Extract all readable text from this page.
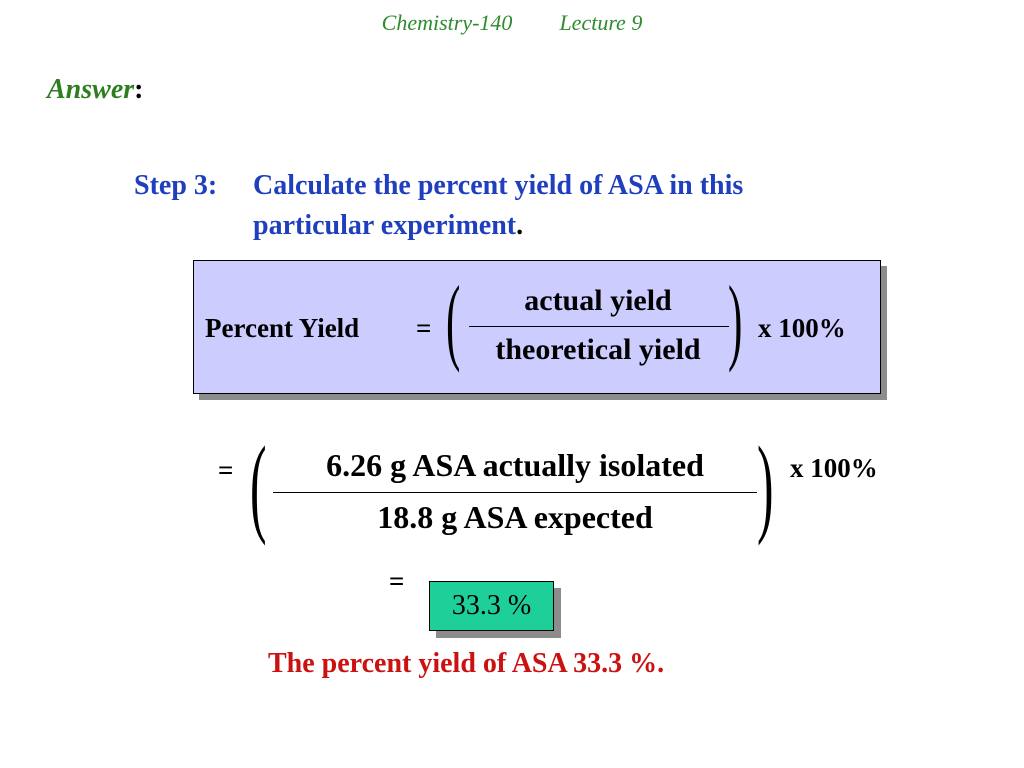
Chemistry-140 Lecture 9
Answer:
Step 3: Calculate the percent yield of ASA in this
particular experiment.
Percent Yield = (	actual yield
theoretical yield ) x 100%
= (	6.26 g ASA actually isolated
18.8 g ASA expected ) x 100%
=
33.3 %
The percent yield of ASA 33.3 %.
